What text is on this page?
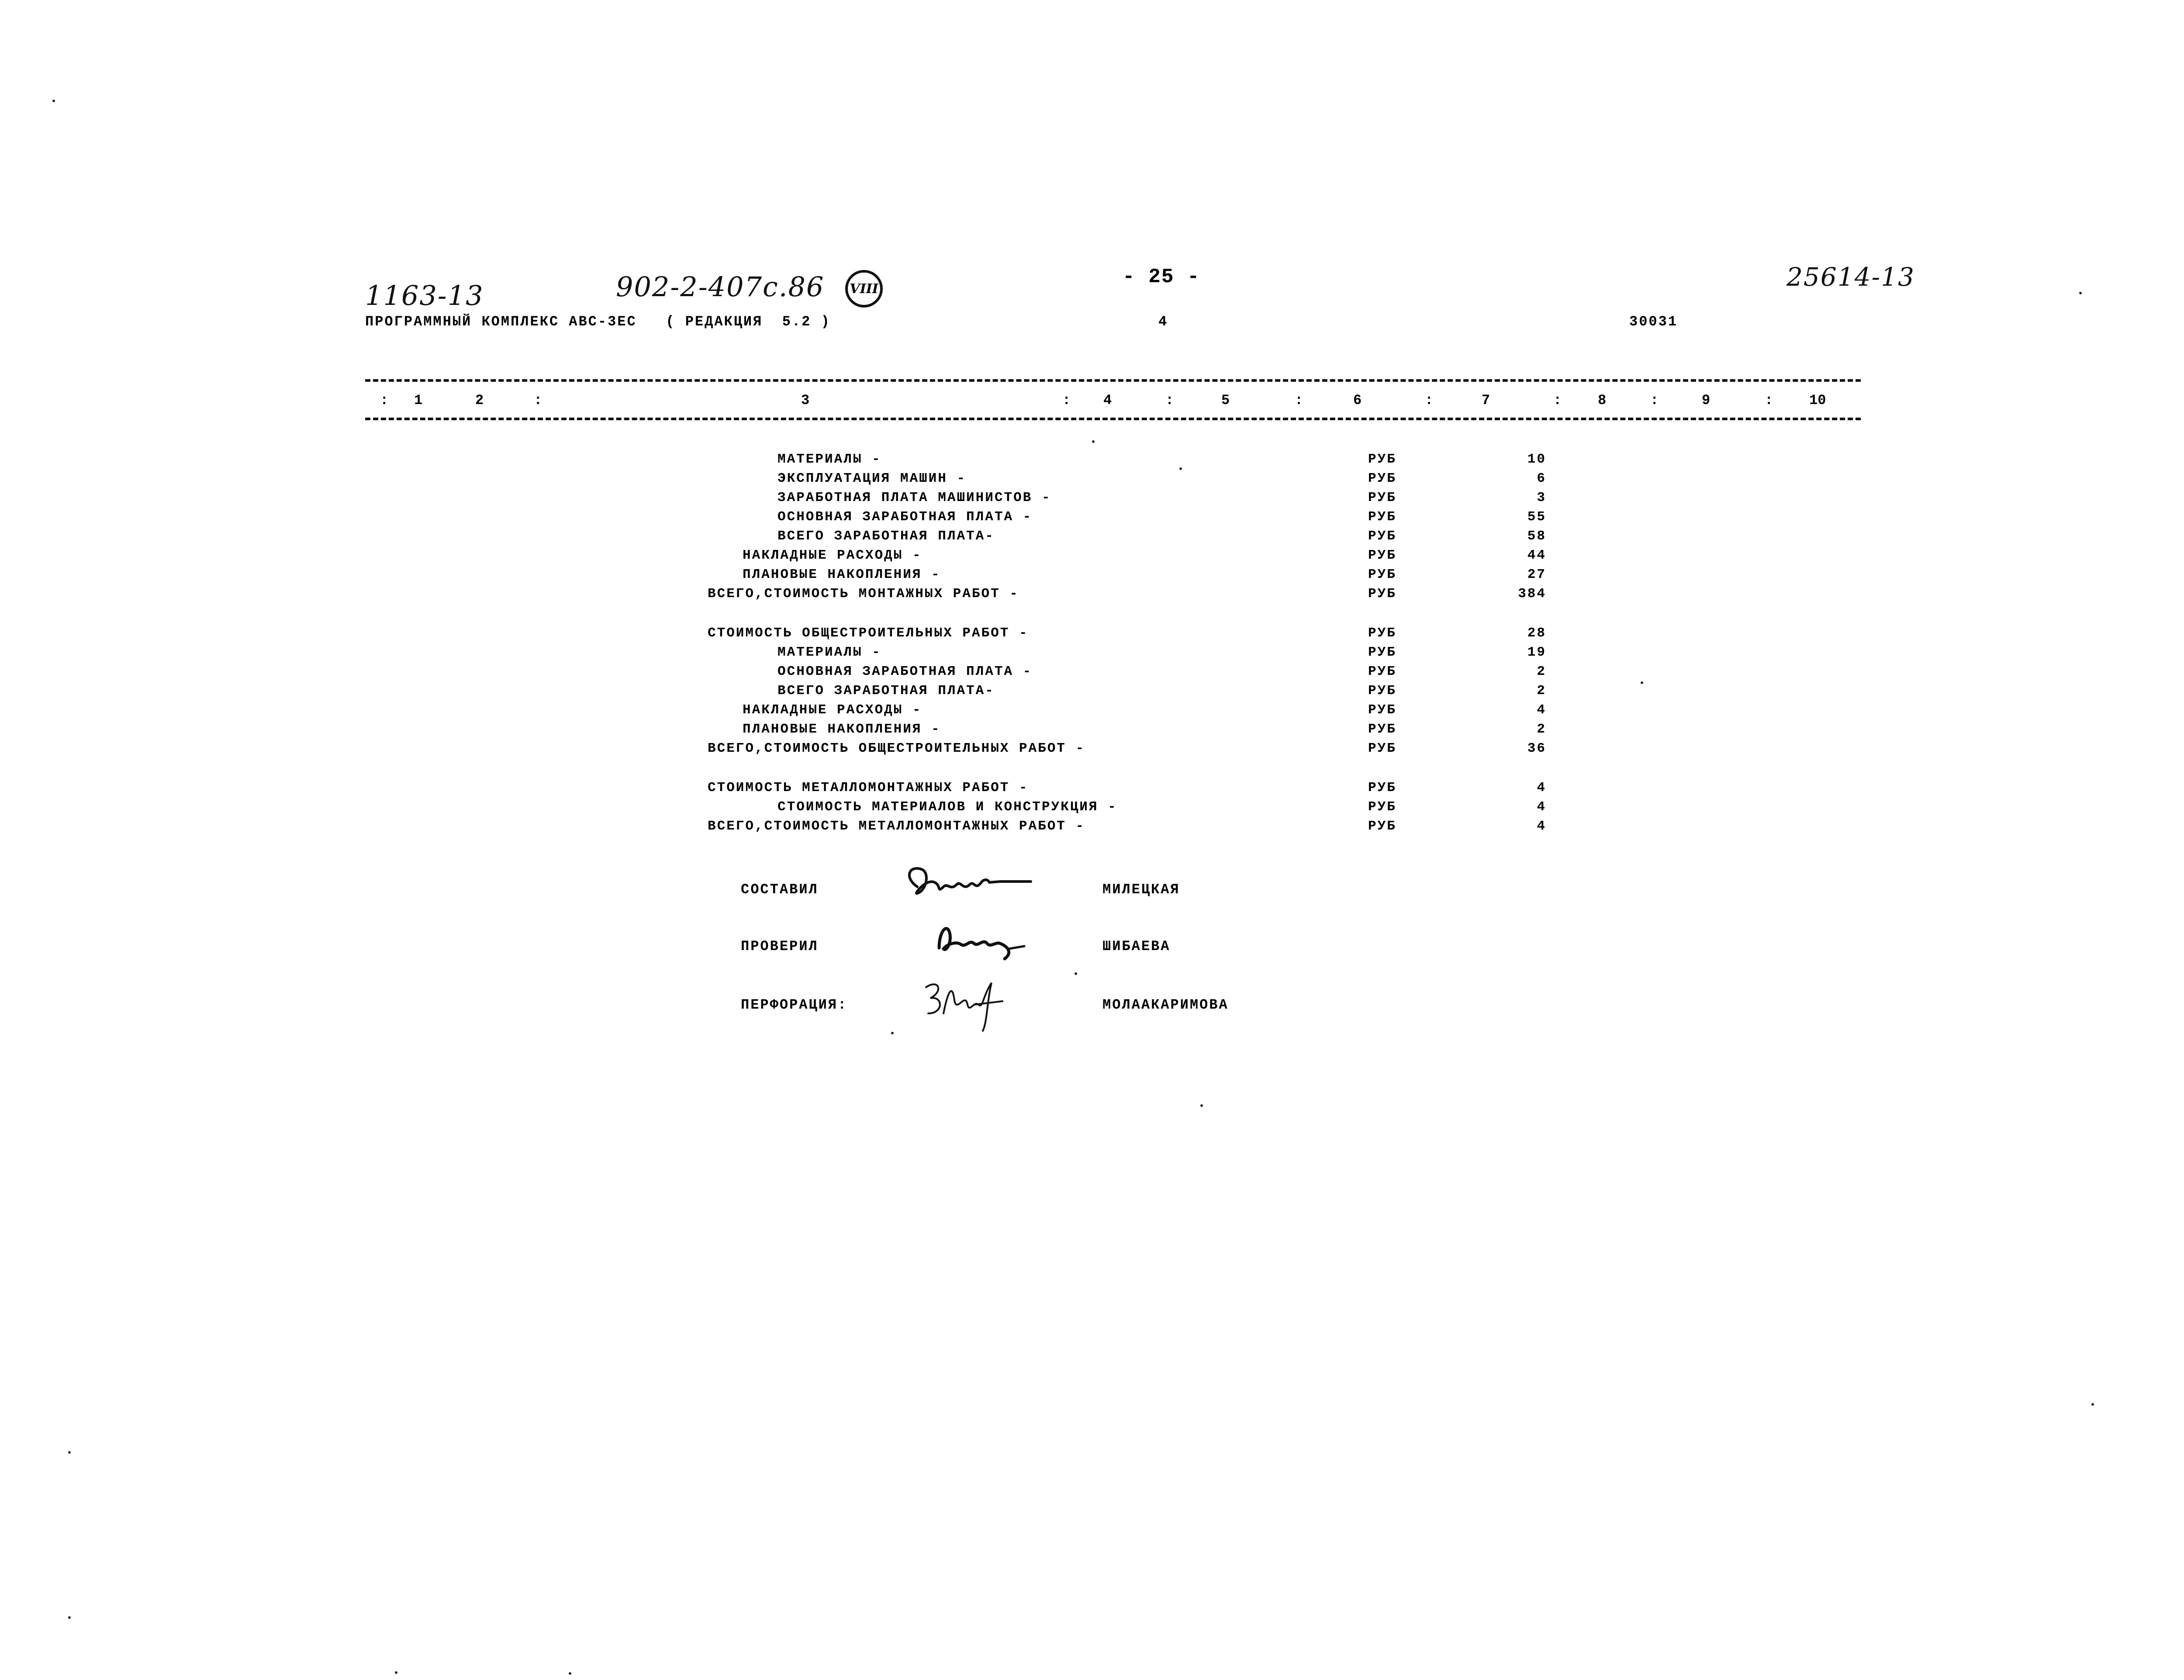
1163-13	902-2-407с.86 VIII
- 25 -	25614-13
ПРОГРАММНЫЙ КОМПЛЕКС АВС-3ЕС   ( РЕДАКЦИЯ  5.2 )	4	30031
1	2	3	4	5	6	7	8	9	10
:	:	:	:	:	:	:	:	:
МАТЕРИАЛЫ -	РУБ	10
ЭКСПЛУАТАЦИЯ МАШИН -	РУБ	6
ЗАРАБОТНАЯ ПЛАТА МАШИНИСТОВ -	РУБ	3
ОСНОВНАЯ ЗАРАБОТНАЯ ПЛАТА -	РУБ	55
ВСЕГО ЗАРАБОТНАЯ ПЛАТА-	РУБ	58
НАКЛАДНЫЕ РАСХОДЫ -	РУБ	44
ПЛАНОВЫЕ НАКОПЛЕНИЯ -	РУБ	27
ВСЕГО,СТОИМОСТЬ МОНТАЖНЫХ РАБОТ -	РУБ	384
СТОИМОСТЬ ОБЩЕСТРОИТЕЛЬНЫХ РАБОТ -	РУБ	28
МАТЕРИАЛЫ -	РУБ	19
ОСНОВНАЯ ЗАРАБОТНАЯ ПЛАТА -	РУБ	2
ВСЕГО ЗАРАБОТНАЯ ПЛАТА-	РУБ	2
НАКЛАДНЫЕ РАСХОДЫ -	РУБ	4
ПЛАНОВЫЕ НАКОПЛЕНИЯ -	РУБ	2
ВСЕГО,СТОИМОСТЬ ОБЩЕСТРОИТЕЛЬНЫХ РАБОТ -	РУБ	36
СТОИМОСТЬ МЕТАЛЛОМОНТАЖНЫХ РАБОТ -	РУБ	4
СТОИМОСТЬ МАТЕРИАЛОВ И КОНСТРУКЦИЯ -	РУБ	4
ВСЕГО,СТОИМОСТЬ МЕТАЛЛОМОНТАЖНЫХ РАБОТ -	РУБ	4
СОСТАВИЛ	МИЛЕЦКАЯ
ПРОВЕРИЛ	ШИБАЕВА
ПЕРФОРАЦИЯ:	МОЛААКАРИМОВА
